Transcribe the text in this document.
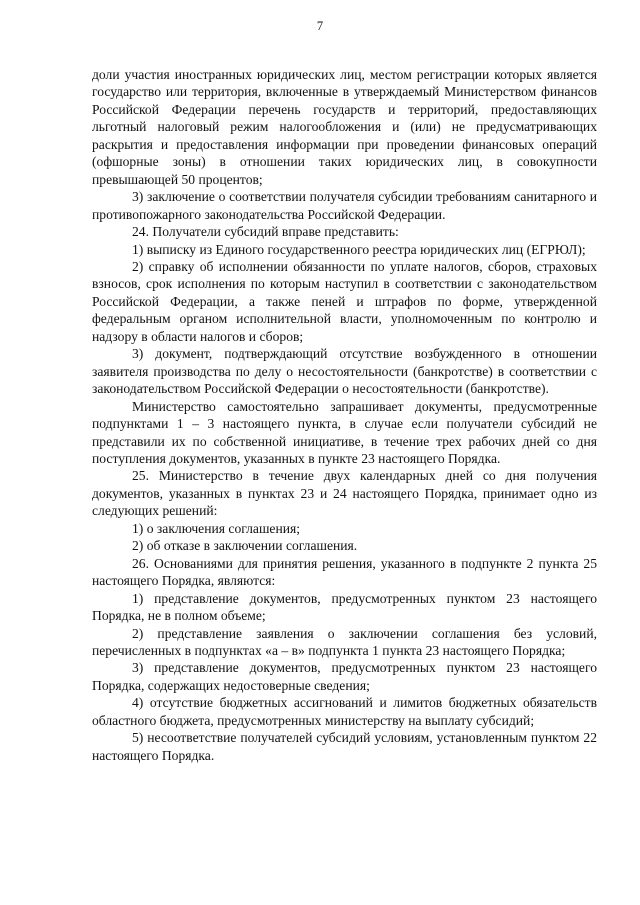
7

доли участия иностранных юридических лиц, местом регистрации которых является государство или территория, включенные в утверждаемый Министерством финансов Российской Федерации перечень государств и территорий, предоставляющих льготный налоговый режим налогообложения и (или) не предусматривающих раскрытия и предоставления информации при проведении финансовых операций (офшорные зоны) в отношении таких юридических лиц, в совокупности превышающей 50 процентов;

3) заключение о соответствии получателя субсидии требованиям санитарного и противопожарного законодательства Российской Федерации.

24. Получатели субсидий вправе представить:

1) выписку из Единого государственного реестра юридических лиц (ЕГРЮЛ);

2) справку об исполнении обязанности по уплате налогов, сборов, страховых взносов, срок исполнения по которым наступил в соответствии с законодательством Российской Федерации, а также пеней и штрафов по форме, утвержденной федеральным органом исполнительной власти, уполномоченным по контролю и надзору в области налогов и сборов;

3) документ, подтверждающий отсутствие возбужденного в отношении заявителя производства по делу о несостоятельности (банкротстве) в соответствии с законодательством Российской Федерации о несостоятельности (банкротстве).

Министерство самостоятельно запрашивает документы, предусмотренные подпунктами 1 – 3 настоящего пункта, в случае если получатели субсидий не представили их по собственной инициативе, в течение трех рабочих дней со дня поступления документов, указанных в пункте 23 настоящего Порядка.

25. Министерство в течение двух календарных дней со дня получения документов, указанных в пунктах 23 и 24 настоящего Порядка, принимает одно из следующих решений:

1) о заключения соглашения;

2) об отказе в заключении соглашения.

26. Основаниями для принятия решения, указанного в подпункте 2 пункта 25 настоящего Порядка, являются:

1) представление документов, предусмотренных пунктом 23 настоящего Порядка, не в полном объеме;

2) представление заявления о заключении соглашения без условий, перечисленных в подпунктах «а – в» подпункта 1 пункта 23 настоящего Порядка;

3) представление документов, предусмотренных пунктом 23 настоящего Порядка, содержащих недостоверные сведения;

4) отсутствие бюджетных ассигнований и лимитов бюджетных обязательств областного бюджета, предусмотренных министерству на выплату субсидий;

5) несоответствие получателей субсидий условиям, установленным пунктом 22 настоящего Порядка.
